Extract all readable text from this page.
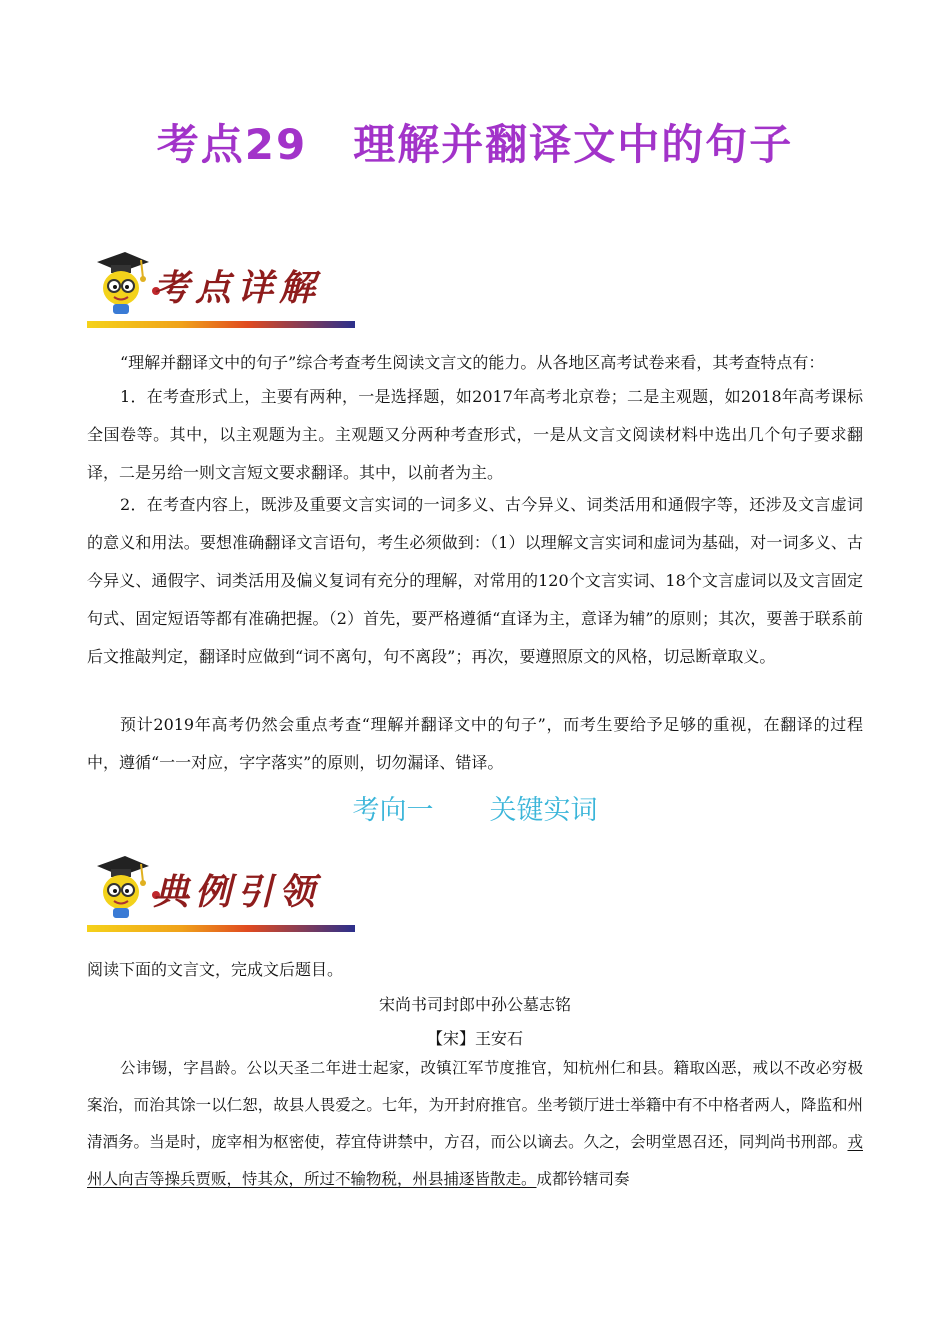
考点29 理解并翻译文中的句子
考点详解

“理解并翻译文中的句子”综合考查考生阅读文言文的能力。从各地区高考试卷来看，其考查特点有：

1．在考查形式上，主要有两种，一是选择题，如2017年高考北京卷；二是主观题，如2018年高考课标全国卷等。其中，以主观题为主。主观题又分两种考查形式，一是从文言文阅读材料中选出几个句子要求翻译，二是另给一则文言短文要求翻译。其中，以前者为主。

2．在考查内容上，既涉及重要文言实词的一词多义、古今异义、词类活用和通假字等，还涉及文言虚词的意义和用法。要想准确翻译文言语句，考生必须做到：（1）以理解文言实词和虚词为基础，对一词多义、古今异义、通假字、词类活用及偏义复词有充分的理解，对常用的120个文言实词、18个文言虚词以及文言固定句式、固定短语等都有准确把握。（2）首先，要严格遵循“直译为主，意译为辅”的原则；其次，要善于联系前后文推敲判定，翻译时应做到“词不离句，句不离段”；再次，要遵照原文的风格，切忌断章取义。

预计2019年高考仍然会重点考查“理解并翻译文中的句子”，而考生要给予足够的重视，在翻译的过程中，遵循“一一对应，字字落实”的原则，切勿漏译、错译。

考向一 关键实词
典例引领
阅读下面的文言文，完成文后题目。
宋尚书司封郎中孙公墓志铭
【宋】王安石

公讳锡，字昌龄。公以天圣二年进士起家，改镇江军节度推官，知杭州仁和县。籍取凶恶，戒以不改必穷极案治，而治其馀一以仁恕，故县人畏爱之。七年，为开封府推官。坐考锁厅进士举籍中有不中格者两人，降监和州清酒务。当是时，庞宰相为枢密使，荐宜侍讲禁中，方召，而公以谪去。久之，会明堂恩召还，同判尚书刑部。戎州人向吉等操兵贾贩，恃其众，所过不输物税，州县捕逐皆散走。成都钤辖司奏
